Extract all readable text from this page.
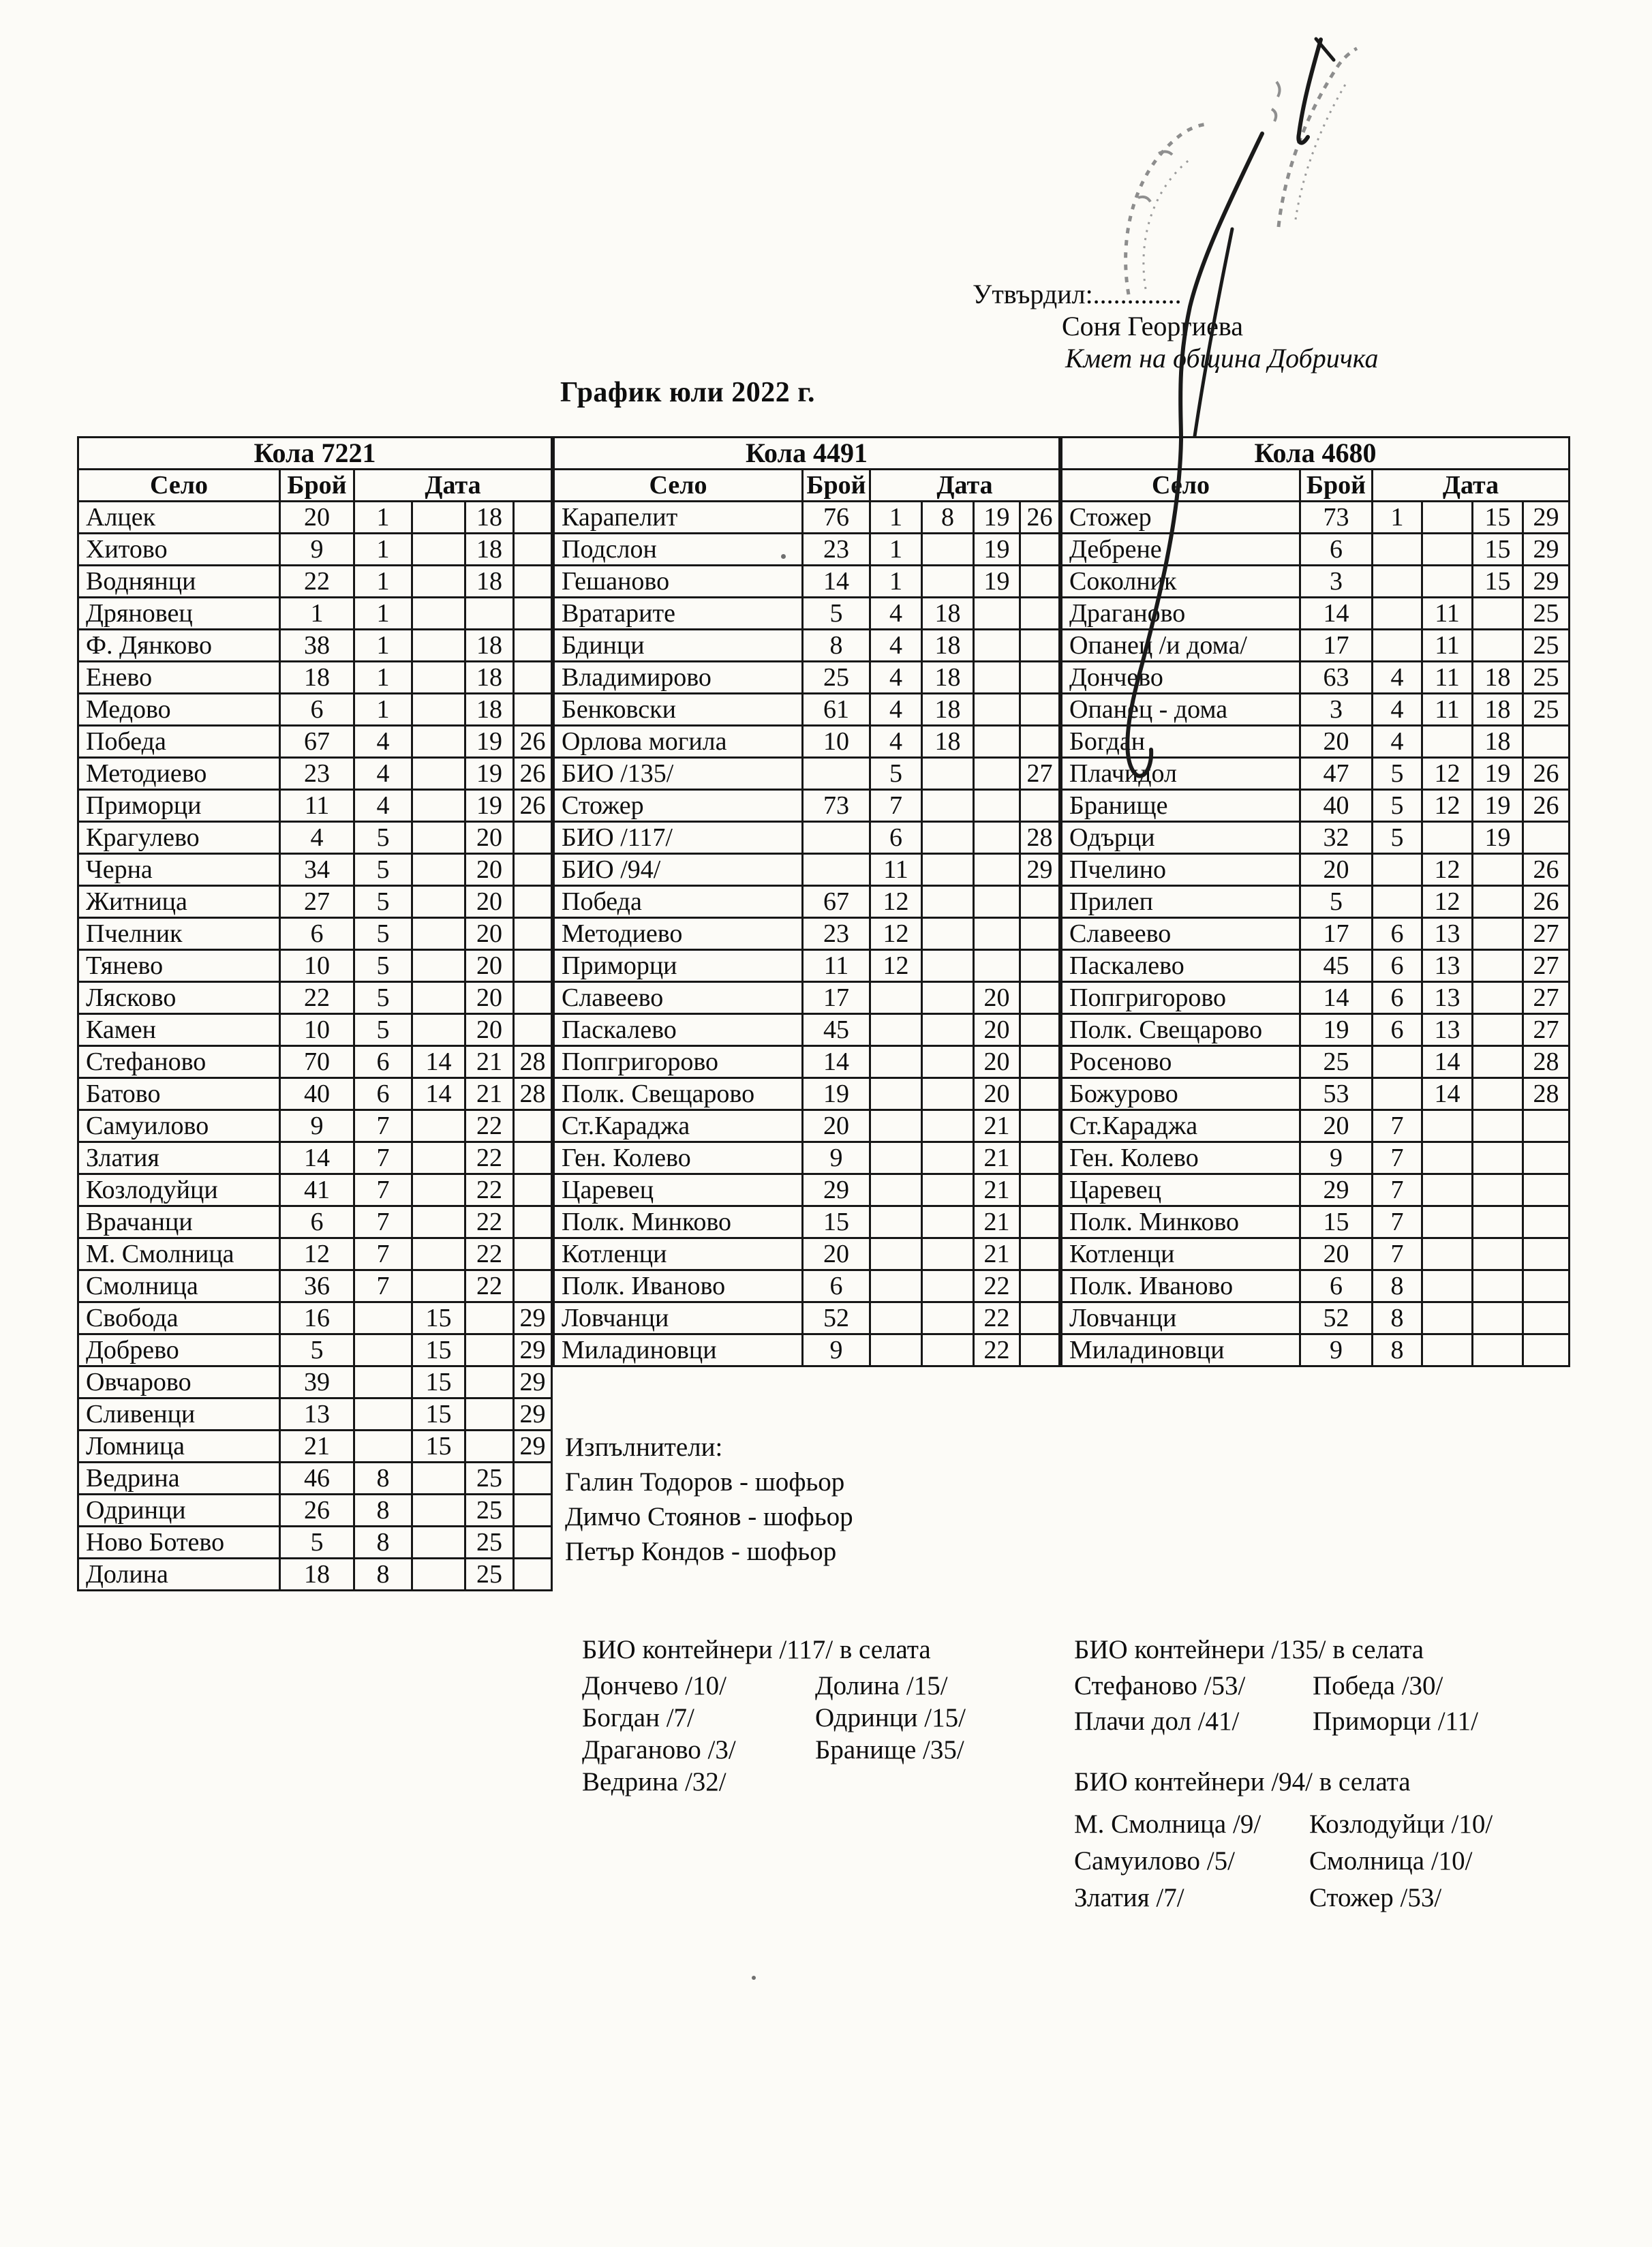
Утвърдил:.............
Соня Георгиева
Кмет на община Добричка
График юли 2022 г.
Кола 7221					
Село	Брой	Дата			
Алцек	20	1		18	
Хитово	9	1		18	
Воднянци	22	1		18	
Дряновец	1	1			
Ф. Дянково	38	1		18	
Енево	18	1		18	
Медово	6	1		18	
Победа	67	4		19	26
Методиево	23	4		19	26
Приморци	11	4		19	26
Крагулево	4	5		20	
Черна	34	5		20	
Житница	27	5		20	
Пчелник	6	5		20	
Тянево	10	5		20	
Лясково	22	5		20	
Камен	10	5		20	
Стефаново	70	6	14	21	28
Батово	40	6	14	21	28
Самуилово	9	7		22	
Златия	14	7		22	
Козлодуйци	41	7		22	
Врачанци	6	7		22	
М. Смолница	12	7		22	
Смолница	36	7		22	
Свобода	16		15		29
Добрево	5		15		29
Овчарово	39		15		29
Сливенци	13		15		29
Ломница	21		15		29
Ведрина	46	8		25	
Одринци	26	8		25	
Ново Ботево	5	8		25	
Долина	18	8		25	
Кола 4491					
Село	Брой	Дата			
Карапелит	76	1	8	19	26
Подслон	23	1		19	
Гешаново	14	1		19	
Вратарите	5	4	18		
Бдинци	8	4	18		
Владимирово	25	4	18		
Бенковски	61	4	18		
Орлова могила	10	4	18		
БИО /135/		5			27
Стожер	73	7			
БИО /117/		6			28
БИО /94/		11			29
Победа	67	12			
Методиево	23	12			
Приморци	11	12			
Славеево	17			20	
Паскалево	45			20	
Попгригорово	14			20	
Полк. Свещарово	19			20	
Ст.Караджа	20			21	
Ген. Колево	9			21	
Царевец	29			21	
Полк. Минково	15			21	
Котленци	20			21	
Полк. Иваново	6			22	
Ловчанци	52			22	
Миладиновци	9			22	
Кола 4680					
Село	Брой	Дата			
Стожер	73	1		15	29
Дебрене	6			15	29
Соколник	3			15	29
Драганово	14		11		25
Опанец /и дома/	17		11		25
Дончево	63	4	11	18	25
Опанец - дома	3	4	11	18	25
Богдан	20	4		18	
Плачидол	47	5	12	19	26
Бранище	40	5	12	19	26
Одърци	32	5		19	
Пчелино	20		12		26
Прилеп	5		12		26
Славеево	17	6	13		27
Паскалево	45	6	13		27
Попгригорово	14	6	13		27
Полк. Свещарово	19	6	13		27
Росеново	25		14		28
Божурово	53		14		28
Ст.Караджа	20	7			
Ген. Колево	9	7			
Царевец	29	7			
Полк. Минково	15	7			
Котленци	20	7			
Полк. Иваново	6	8			
Ловчанци	52	8			
Миладиновци	9	8			
Изпълнители:
Галин Тодоров - шофьор
Димчо Стоянов - шофьор
Петър Кондов - шофьор
БИО контейнери /117/ в селата
Дончево /10/
Богдан /7/
Драганово /3/
Ведрина /32/
Долина /15/
Одринци /15/
Бранище /35/
БИО контейнери /135/ в селата
Стефаново /53/
Плачи дол /41/
Победа /30/
Приморци /11/
БИО контейнери /94/ в селата
М. Смолница /9/
Самуилово /5/
Златия /7/
Козлодуйци /10/
Смолница /10/
Стожер /53/
